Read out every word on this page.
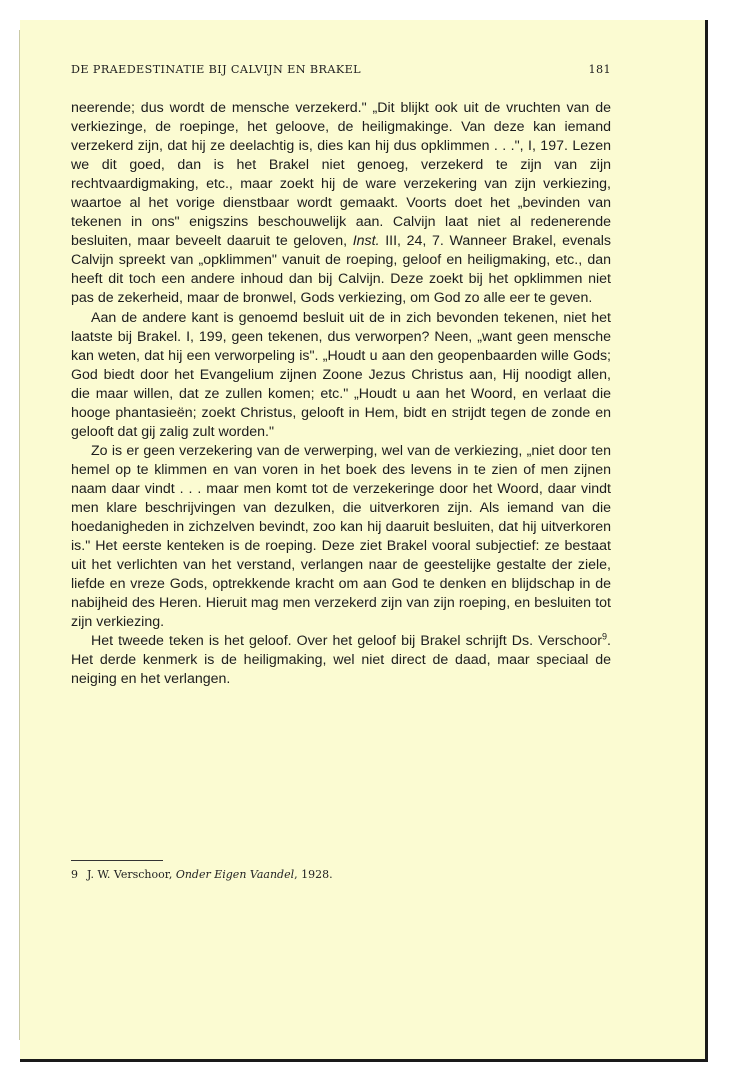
DE PRAEDESTINATIE BIJ CALVIJN EN BRAKEL	181

neerende; dus wordt de mensche verzekerd." „Dit blijkt ook uit de vruchten van de verkiezinge, de roepinge, het geloove, de heiligmakinge. Van deze kan iemand verzekerd zijn, dat hij ze deelachtig is, dies kan hij dus opklimmen . . .", I, 197. Lezen we dit goed, dan is het Brakel niet genoeg, verzekerd te zijn van zijn rechtvaardigmaking, etc., maar zoekt hij de ware verzekering van zijn verkiezing, waartoe al het vorige dienstbaar wordt gemaakt. Voorts doet het „bevinden van tekenen in ons" enigszins beschouwelijk aan. Calvijn laat niet al redenerende besluiten, maar beveelt daaruit te geloven, Inst. III, 24, 7. Wanneer Brakel, evenals Calvijn spreekt van „opklimmen" vanuit de roeping, geloof en heiligmaking, etc., dan heeft dit toch een andere inhoud dan bij Calvijn. Deze zoekt bij het opklimmen niet pas de zekerheid, maar de bronwel, Gods verkiezing, om God zo alle eer te geven.

Aan de andere kant is genoemd besluit uit de in zich bevonden tekenen, niet het laatste bij Brakel. I, 199, geen tekenen, dus verworpen? Neen, „want geen mensche kan weten, dat hij een verworpeling is". „Houdt u aan den geopenbaarden wille Gods; God biedt door het Evangelium zijnen Zoone Jezus Christus aan, Hij noodigt allen, die maar willen, dat ze zullen komen; etc." „Houdt u aan het Woord, en verlaat die hooge phantasieën; zoekt Christus, gelooft in Hem, bidt en strijdt tegen de zonde en gelooft dat gij zalig zult worden."

Zo is er geen verzekering van de verwerping, wel van de verkiezing, „niet door ten hemel op te klimmen en van voren in het boek des levens in te zien of men zijnen naam daar vindt . . . maar men komt tot de verzekeringe door het Woord, daar vindt men klare beschrijvingen van dezulken, die uitverkoren zijn. Als iemand van die hoedanigheden in zichzelven bevindt, zoo kan hij daaruit besluiten, dat hij uitverkoren is." Het eerste kenteken is de roeping. Deze ziet Brakel vooral subjectief: ze bestaat uit het verlichten van het verstand, verlangen naar de geestelijke gestalte der ziele, liefde en vreze Gods, optrekkende kracht om aan God te denken en blijdschap in de nabijheid des Heren. Hieruit mag men verzekerd zijn van zijn roeping, en besluiten tot zijn verkiezing.

Het tweede teken is het geloof. Over het geloof bij Brakel schrijft Ds. Verschoor$^9$. Het derde kenmerk is de heiligmaking, wel niet direct de daad, maar speciaal de neiging en het verlangen.

9 J. W. Verschoor, Onder Eigen Vaandel, 1928.
